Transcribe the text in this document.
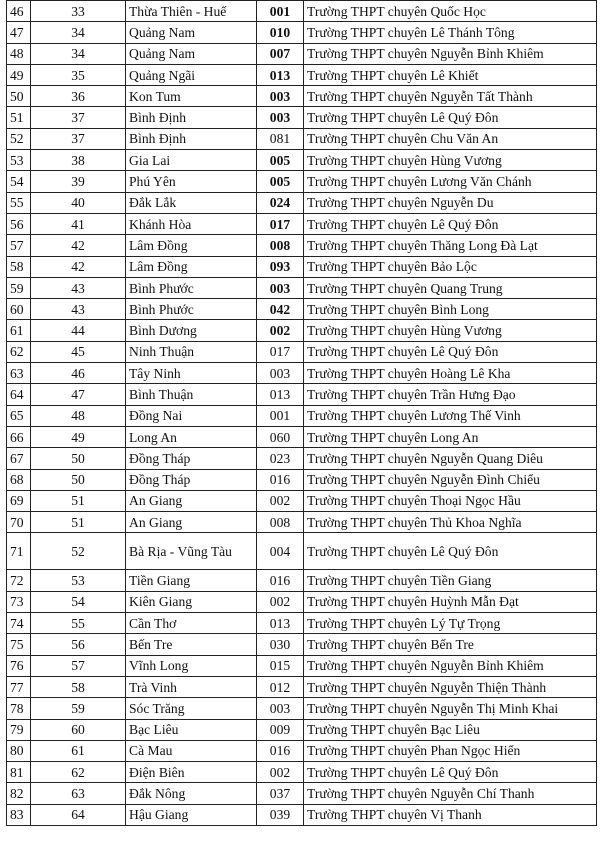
46	33	Thừa Thiên - Huế	001	Trường THPT chuyên Quốc Học
47	34	Quảng Nam	010	Trường THPT chuyên Lê Thánh Tông
48	34	Quảng Nam	007	Trường THPT chuyên Nguyễn Bỉnh Khiêm
49	35	Quảng Ngãi	013	Trường THPT chuyên Lê Khiết
50	36	Kon Tum	003	Trường THPT chuyên Nguyễn Tất Thành
51	37	Bình Định	003	Trường THPT chuyên Lê Quý Đôn
52	37	Bình Định	081	Trường THPT chuyên Chu Văn An
53	38	Gia Lai	005	Trường THPT chuyên Hùng Vương
54	39	Phú Yên	005	Trường THPT chuyên Lương Văn Chánh
55	40	Đắk Lắk	024	Trường THPT chuyên Nguyễn Du
56	41	Khánh Hòa	017	Trường THPT chuyên Lê Quý Đôn
57	42	Lâm Đồng	008	Trường THPT chuyên Thăng Long Đà Lạt
58	42	Lâm Đồng	093	Trường THPT chuyên Bảo Lộc
59	43	Bình Phước	003	Trường THPT chuyên Quang Trung
60	43	Bình Phước	042	Trường THPT chuyên Bình Long
61	44	Bình Dương	002	Trường THPT chuyên Hùng Vương
62	45	Ninh Thuận	017	Trường THPT chuyên Lê Quý Đôn
63	46	Tây Ninh	003	Trường THPT chuyên Hoàng Lê Kha
64	47	Bình Thuận	013	Trường THPT chuyên Trần Hưng Đạo
65	48	Đồng Nai	001	Trường THPT chuyên Lương Thế Vinh
66	49	Long An	060	Trường THPT chuyên Long An
67	50	Đồng Tháp	023	Trường THPT chuyên Nguyễn Quang Diêu
68	50	Đồng Tháp	016	Trường THPT chuyên Nguyễn Đình Chiểu
69	51	An Giang	002	Trường THPT chuyên Thoại Ngọc Hầu
70	51	An Giang	008	Trường THPT chuyên Thủ Khoa Nghĩa
71	52	Bà Rịa - Vũng Tàu	004	Trường THPT chuyên Lê Quý Đôn
72	53	Tiền Giang	016	Trường THPT chuyên Tiền Giang
73	54	Kiên Giang	002	Trường THPT chuyên Huỳnh Mẫn Đạt
74	55	Cần Thơ	013	Trường THPT chuyên Lý Tự Trọng
75	56	Bến Tre	030	Trường THPT chuyên Bến Tre
76	57	Vĩnh Long	015	Trường THPT chuyên Nguyễn Bỉnh Khiêm
77	58	Trà Vinh	012	Trường THPT chuyên Nguyễn Thiện Thành
78	59	Sóc Trăng	003	Trường THPT chuyên Nguyễn Thị Minh Khai
79	60	Bạc Liêu	009	Trường THPT chuyên Bạc Liêu
80	61	Cà Mau	016	Trường THPT chuyên Phan Ngọc Hiển
81	62	Điện Biên	002	Trường THPT chuyên Lê Quý Đôn
82	63	Đắk Nông	037	Trường THPT chuyên Nguyễn Chí Thanh
83	64	Hậu Giang	039	Trường THPT chuyên Vị Thanh
